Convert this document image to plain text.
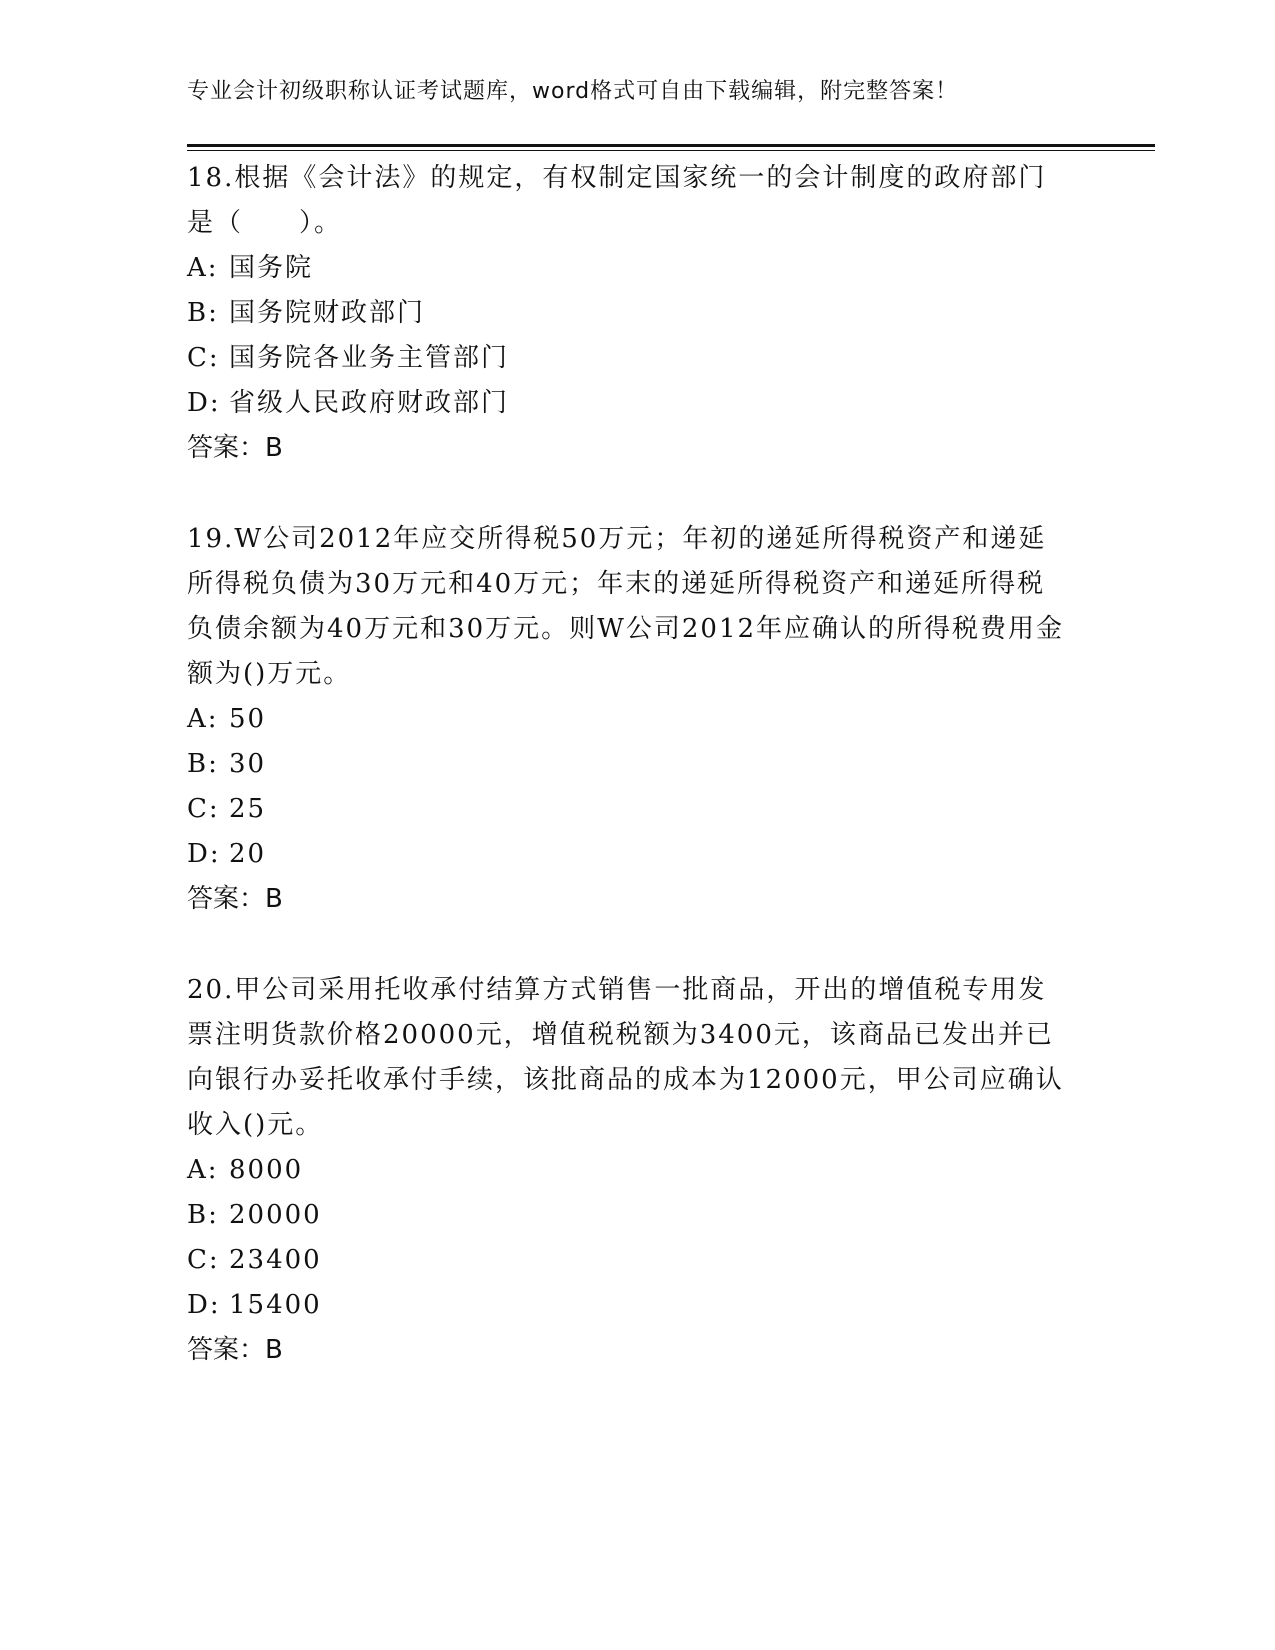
专业会计初级职称认证考试题库，word格式可自由下载编辑，附完整答案！
18.根据《会计法》的规定，有权制定国家统一的会计制度的政府部门是（　　）。
A: 国务院
B: 国务院财政部门
C: 国务院各业务主管部门
D: 省级人民政府财政部门
答案：B
19.W公司2012年应交所得税50万元；年初的递延所得税资产和递延所得税负债为30万元和40万元；年末的递延所得税资产和递延所得税负债余额为40万元和30万元。则W公司2012年应确认的所得税费用金额为()万元。
A: 50
B: 30
C: 25
D: 20
答案：B
20.甲公司采用托收承付结算方式销售一批商品，开出的增值税专用发票注明货款价格20000元，增值税税额为3400元，该商品已发出并已向银行办妥托收承付手续，该批商品的成本为12000元，甲公司应确认收入()元。
A: 8000
B: 20000
C: 23400
D: 15400
答案：B
